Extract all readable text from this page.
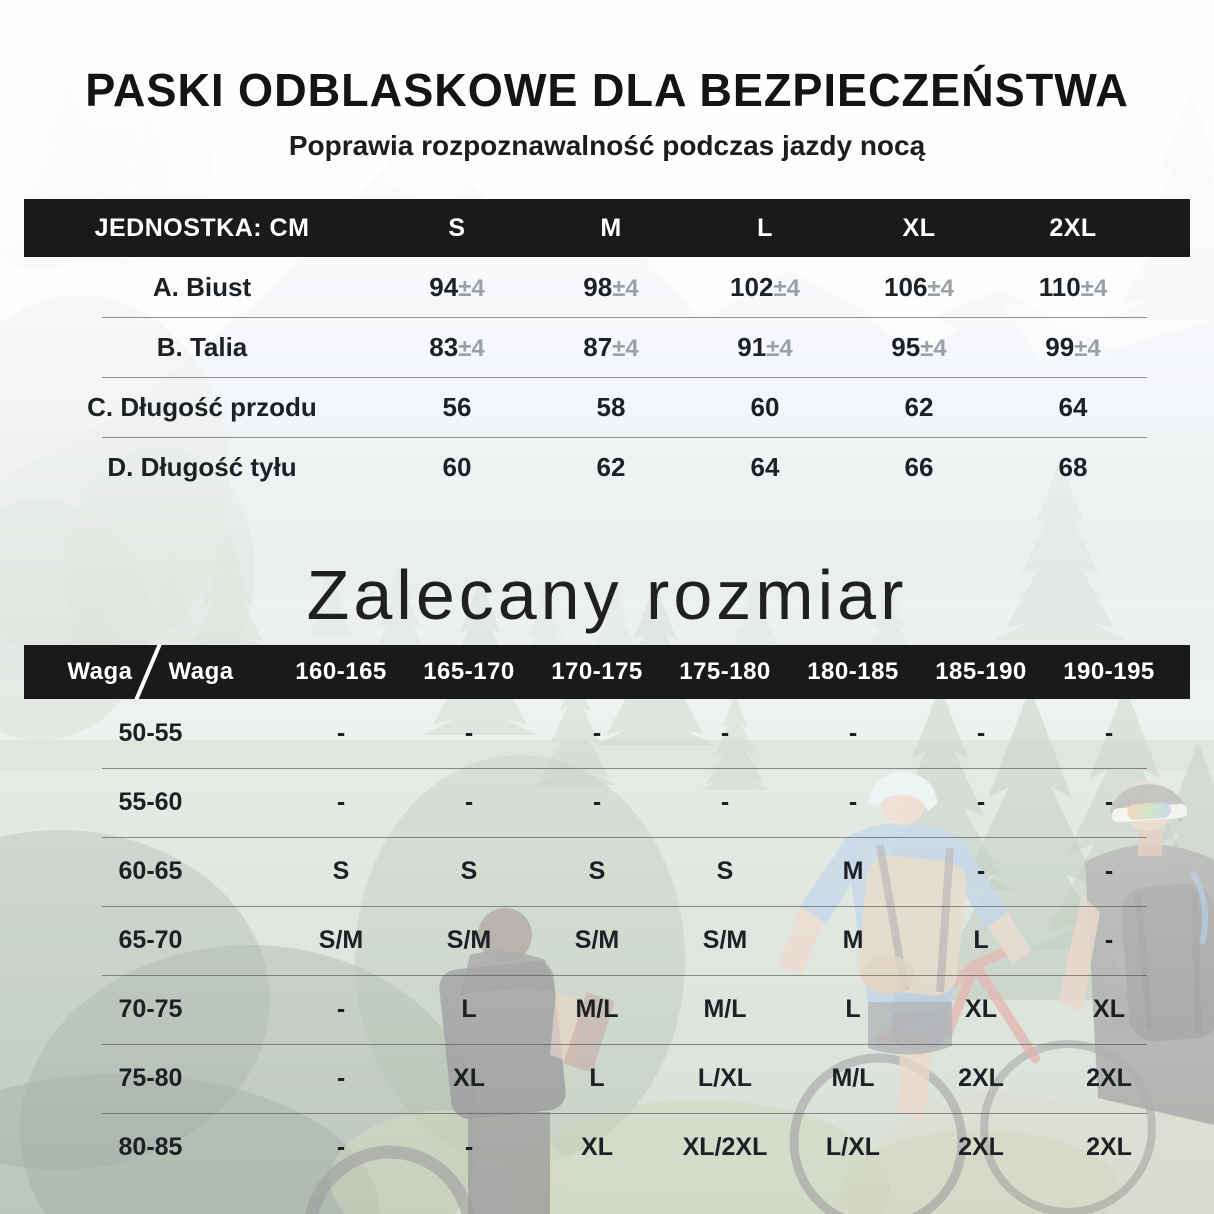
PASKI ODBLASKOWE DLA BEZPIECZEŃSTWA
Poprawia rozpoznawalność podczas jazdy nocą
JEDNOSTKA: CM	S	M	L	XL	2XL
A. Biust	94±4	98±4	102±4	106±4	110±4
B. Talia	83±4	87±4	91±4	95±4	99±4
C. Długość przodu	56	58	60	62	64
D. Długość tyłu	60	62	64	66	68
Zalecany rozmiar
Waga Waga	160-165	165-170	170-175	175-180	180-185	185-190	190-195
50-55	-	-	-	-	-	-	-
55-60	-	-	-	-	-	-	-
60-65	S	S	S	S	M	-	-
65-70	S/M	S/M	S/M	S/M	M	L	-
70-75	-	L	M/L	M/L	L	XL	XL
75-80	-	XL	L	L/XL	M/L	2XL	2XL
80-85	-	-	XL	XL/2XL	L/XL	2XL	2XL
